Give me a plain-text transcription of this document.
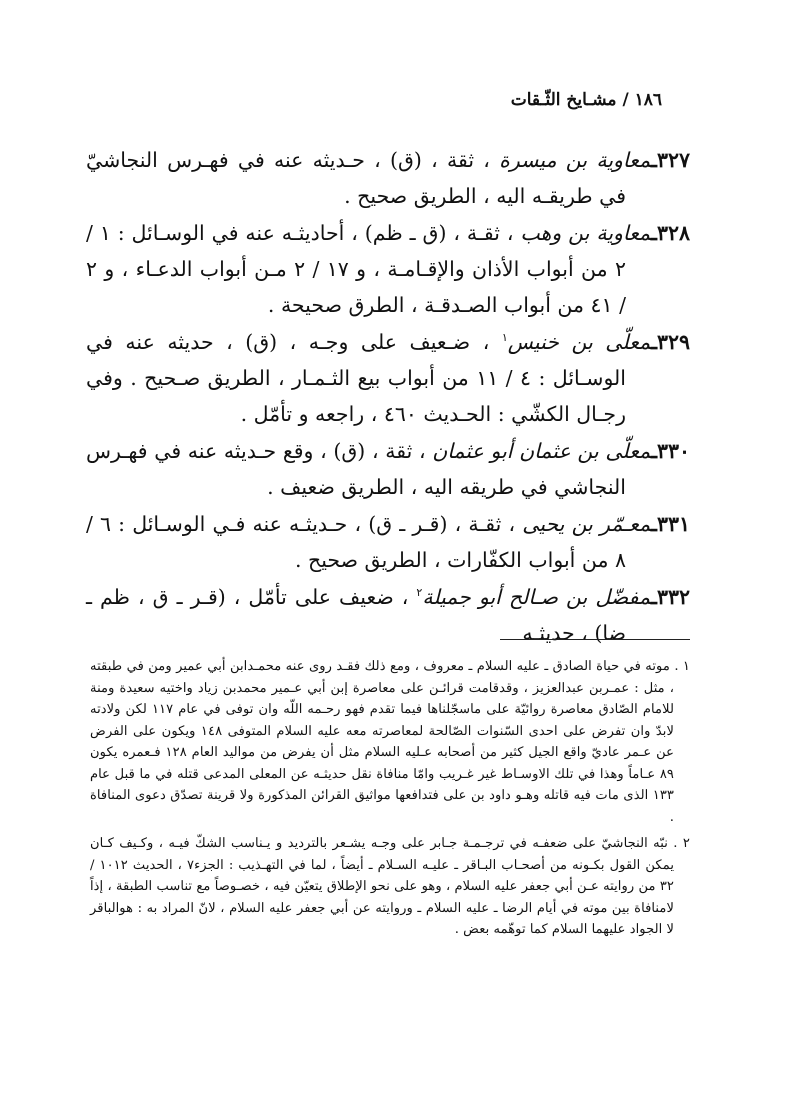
١٨٦ / مشـايخ الثّـقات

٣٢٧ـمعاوية بن ميسرة ، ثقة ، (ق) ، حـديثه عنه في فهـرس النجاشيّ في طريقـه اليه ، الطريق صحيح .

٣٢٨ـمعاوية بن وهب ، ثقـة ، (ق ـ ظم) ، أحاديثـه عنه في الوسـائل : ١ / ٢ من أبواب الأذان والإقـامـة ، و ١٧ / ٢ مـن أبواب الدعـاء ، و ٢ / ٤١ من أبواب الصـدقـة ، الطرق صحيحة .

٣٢٩ـمعلّى بن خنيس$^١$ ، ضـعيف على وجـه ، (ق) ، حديثه عنه في الوسـائل : ٤ / ١١ من أبواب بيع الثـمـار ، الطريق صـحيح . وفي رجـال الكشّي : الحـديث ٤٦٠ ، راجعه و تأمّل .

٣٣٠ـمعلّى بن عثمان أبو عثمان ، ثقة ، (ق) ، وقع حـديثه عنه في فهـرس النجاشي في طريقه اليه ، الطريق ضعيف .

٣٣١ـمعـمّر بن يحيى ، ثقـة ، (قـر ـ ق) ، حـديثـه عنه فـي الوسـائل : ٦ / ٨ من أبواب الكفّارات ، الطريق صحيح .

٣٣٢ـمفضّل بن صـالح أبو جميلة$^٢$ ، ضعيف على تأمّل ، (قـر ـ ق ، ظم ـ ضا) ، حديثـه

١ . موته في حياة الصادق ـ عليه السلام ـ معروف ، ومع ذلك فقـد روى عنه محمـدابن أبي عمير ومن في طبقته ، مثل : عمـربن عبدالعزيز ، وقدقامت قرائـن على معاصرة إبن أبي عـمير محمدبن زياد واختيه سعيدة ومنة للامام الصّادق معاصرة روائيّة على ماسجّلناها فيما تقدم فهو رحـمه اللّه وان توفى في عام ١١٧ لكن ولادته لابدّ وان تفرض على احدى السّنوات الصّالحة لمعاصرته معه عليه السلام المتوفى ١٤٨ ويكون على الفرض عن عـمر عاديّ واقع الجيل كثير من أصحابه عـليه السلام مثل أن يفرض من مواليد العام ١٢٨ فـعمره يكون ٨٩ عـاماً وهذا في تلك الاوسـاط غير غـريب وامّا منافاة نقل حديثـه عن المعلى المدعى قتله في ما قبل عام ١٣٣ الذى مات فيه قاتله وهـو داود بن على فتدافعها مواثيق القرائن المذكورة ولا قرينة تصدّق دعوى المنافاة .

٢ . نبّه النجاشيّ على ضعفـه في ترجـمـة جـابر على وجـه يشـعر بالترديد و يـناسب الشكّ فيـه ، وكـيف كـان يمكن القول بكـونه من أصحـاب البـاقر ـ عليـه السـلام ـ أيضاً ، لما في التهـذيب : الجزء٧ ، الحديث ١٠١٢ / ٣٢ من روايته عـن أبي جعفر عليه السلام ، وهو على نحو الإطلاق يتعيّن فيه ، خصـوصاً مع تناسب الطبقة ، إذاً لامنافاة بين موته في أيام الرضا ـ عليه السلام ـ وروايته عن أبي جعفر عليه السلام ، لانّ المراد به : هوالباقر لا الجواد عليهما السلام كما توهّمه بعض .
